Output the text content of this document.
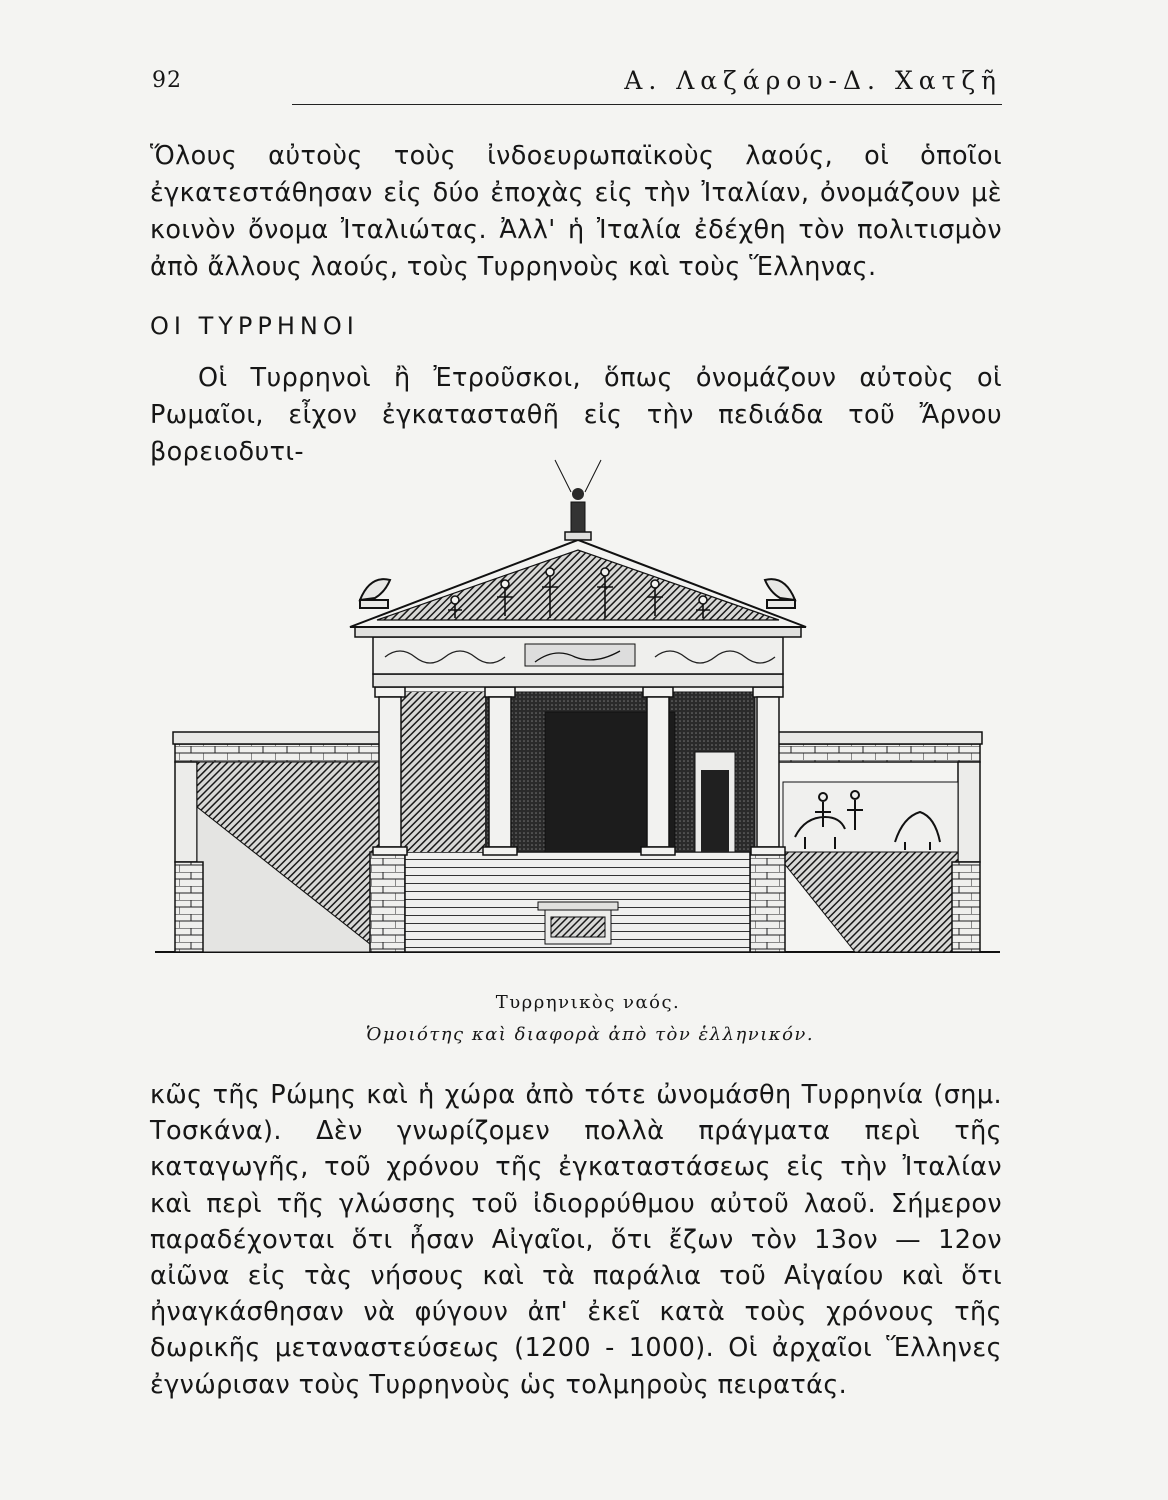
92	Α. Λαζάρου-Δ. Χατζῆ

Ὅλους αὐτοὺς τοὺς ἰνδοευρωπαϊκοὺς λαούς, οἱ ὁποῖοι ἐγκατεστάθησαν εἰς δύο ἐποχὰς εἰς τὴν Ἰταλίαν, ὀνομάζουν μὲ κοινὸν ὄνομα Ἰταλιώτας. Ἀλλ' ἡ Ἰταλία ἐδέχθη τὸν πολιτισμὸν ἀπὸ ἄλλους λαούς, τοὺς Τυρρηνοὺς καὶ τοὺς Ἕλληνας.

ΟΙ ΤΥΡΡΗΝΟΙ

Οἱ Τυρρηνοὶ ἢ Ἐτροῦσκοι, ὅπως ὀνομάζουν αὐτοὺς οἱ Ρωμαῖοι, εἶχον ἐγκατασταθῆ εἰς τὴν πεδιάδα τοῦ Ἄρνου βορειοδυτι-

Τυρρηνικὸς ναός.
Ὁμοιότης καὶ διαφορὰ ἀπὸ τὸν ἑλληνικόν.

κῶς τῆς Ρώμης καὶ ἡ χώρα ἀπὸ τότε ὠνομάσθη Τυρρηνία (σημ. Τοσκάνα). Δὲν γνωρίζομεν πολλὰ πράγματα περὶ τῆς καταγωγῆς, τοῦ χρόνου τῆς ἐγκαταστάσεως εἰς τὴν Ἰταλίαν καὶ περὶ τῆς γλώσσης τοῦ ἰδιορρύθμου αὐτοῦ λαοῦ. Σήμερον παραδέχονται ὅτι ἦσαν Αἰγαῖοι, ὅτι ἔζων τὸν 13ον — 12ον αἰῶνα εἰς τὰς νήσους καὶ τὰ παράλια τοῦ Αἰγαίου καὶ ὅτι ἠναγκάσθησαν νὰ φύγουν ἀπ' ἐκεῖ κατὰ τοὺς χρόνους τῆς δωρικῆς μεταναστεύσεως (1200 - 1000). Οἱ ἀρχαῖοι Ἕλληνες ἐγνώρισαν τοὺς Τυρρηνοὺς ὡς τολμηροὺς πειρατάς.
